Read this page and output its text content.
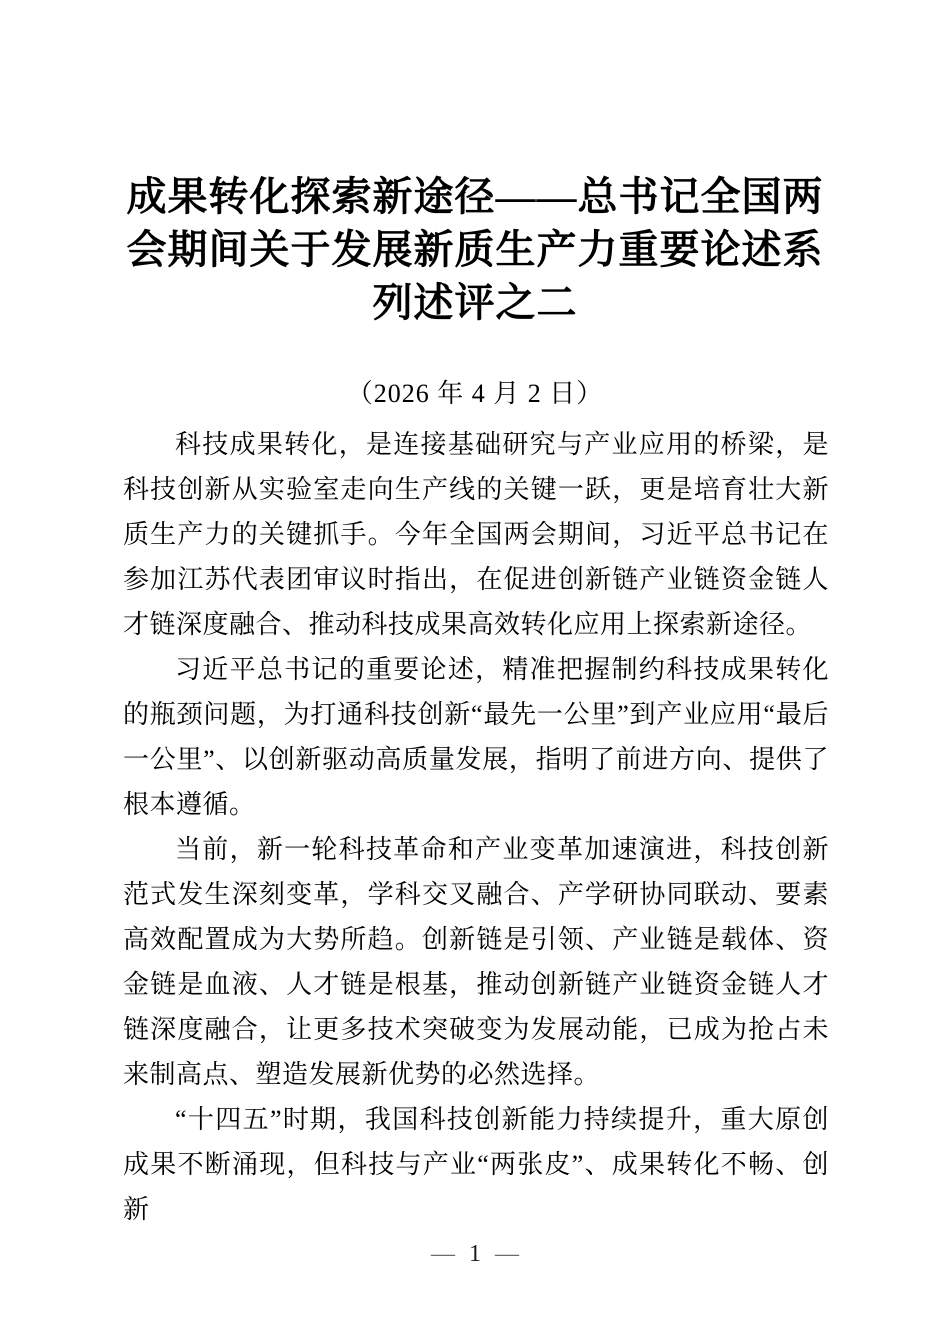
成果转化探索新途径——总书记全国两
会期间关于发展新质生产力重要论述系
列述评之二
（2026 年 4 月 2 日）

科技成果转化，是连接基础研究与产业应用的桥梁，是科技创新从实验室走向生产线的关键一跃，更是培育壮大新质生产力的关键抓手。今年全国两会期间，习近平总书记在参加江苏代表团审议时指出，在促进创新链产业链资金链人才链深度融合、推动科技成果高效转化应用上探索新途径。

习近平总书记的重要论述，精准把握制约科技成果转化的瓶颈问题，为打通科技创新“最先一公里”到产业应用“最后一公里”、以创新驱动高质量发展，指明了前进方向、提供了根本遵循。

当前，新一轮科技革命和产业变革加速演进，科技创新范式发生深刻变革，学科交叉融合、产学研协同联动、要素高效配置成为大势所趋。创新链是引领、产业链是载体、资金链是血液、人才链是根基，推动创新链产业链资金链人才链深度融合，让更多技术突破变为发展动能，已成为抢占未来制高点、塑造发展新优势的必然选择。

“十四五”时期，我国科技创新能力持续提升，重大原创成果不断涌现，但科技与产业“两张皮”、成果转化不畅、创新

— 1 —
